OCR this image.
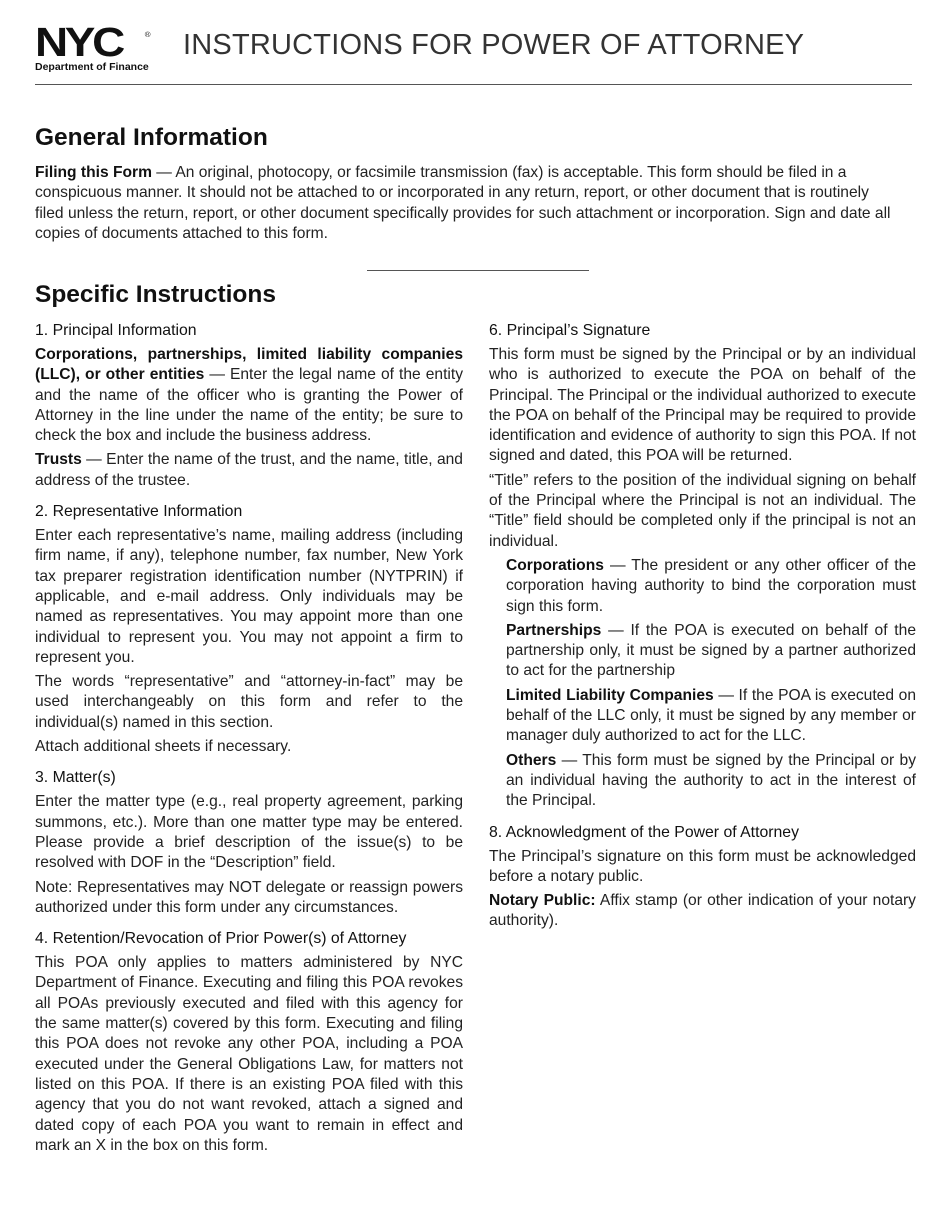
NYC	®
Department of Finance
INSTRUCTIONS FOR POWER OF ATTORNEY
General Information

Filing this Form — An original, photocopy, or facsimile transmission (fax) is acceptable. This form should be filed in a conspicuous manner. It should not be attached to or incorporated in any return, report, or other document that is routinely filed unless the return, report, or other document specifically provides for such attachment or incorporation. Sign and date all copies of documents attached to this form.

Specific Instructions
1. Principal Information

Corporations, partnerships, limited liability companies (LLC), or other entities — Enter the legal name of the entity and the name of the officer who is granting the Power of Attorney in the line under the name of the entity; be sure to check the box and include the business address.

Trusts — Enter the name of the trust, and the name, title, and address of the trustee.

2. Representative Information

Enter each representative’s name, mailing address (including firm name, if any), telephone number, fax number, New York tax preparer registration identification number (NYTPRIN) if applicable, and e-mail address. Only individuals may be named as representatives. You may appoint more than one individual to represent you. You may not appoint a firm to represent you.

The words “representative” and “attorney-in-fact” may be used interchangeably on this form and refer to the individual(s) named in this section.

Attach additional sheets if necessary.

3. Matter(s)

Enter the matter type (e.g., real property agreement, parking summons, etc.). More than one matter type may be entered. Please provide a brief description of the issue(s) to be resolved with DOF in the “Description” field.

Note: Representatives may NOT delegate or reassign powers authorized under this form under any circumstances.

4. Retention/Revocation of Prior Power(s) of Attorney

This POA only applies to matters administered by NYC Department of Finance. Executing and filing this POA revokes all POAs previously executed and filed with this agency for the same matter(s) covered by this form. Executing and filing this POA does not revoke any other POA, including a POA executed under the General Obligations Law, for matters not listed on this POA. If there is an existing POA filed with this agency that you do not want revoked, attach a signed and dated copy of each POA you want to remain in effect and mark an X in the box on this form.

6. Principal’s Signature

This form must be signed by the Principal or by an individual who is authorized to execute the POA on behalf of the Principal. The Principal or the individual authorized to execute the POA on behalf of the Principal may be required to provide identification and evidence of authority to sign this POA. If not signed and dated, this POA will be returned.

“Title” refers to the position of the individual signing on behalf of the Principal where the Principal is not an individual. The “Title” field should be completed only if the principal is not an individual.

Corporations — The president or any other officer of the corporation having authority to bind the corporation must sign this form.

Partnerships — If the POA is executed on behalf of the partnership only, it must be signed by a partner authorized to act for the partnership

Limited Liability Companies — If the POA is executed on behalf of the LLC only, it must be signed by any member or manager duly authorized to act for the LLC.

Others — This form must be signed by the Principal or by an individual having the authority to act in the interest of the Principal.

8. Acknowledgment of the Power of Attorney

The Principal’s signature on this form must be acknowledged before a notary public.

Notary Public: Affix stamp (or other indication of your notary authority).
